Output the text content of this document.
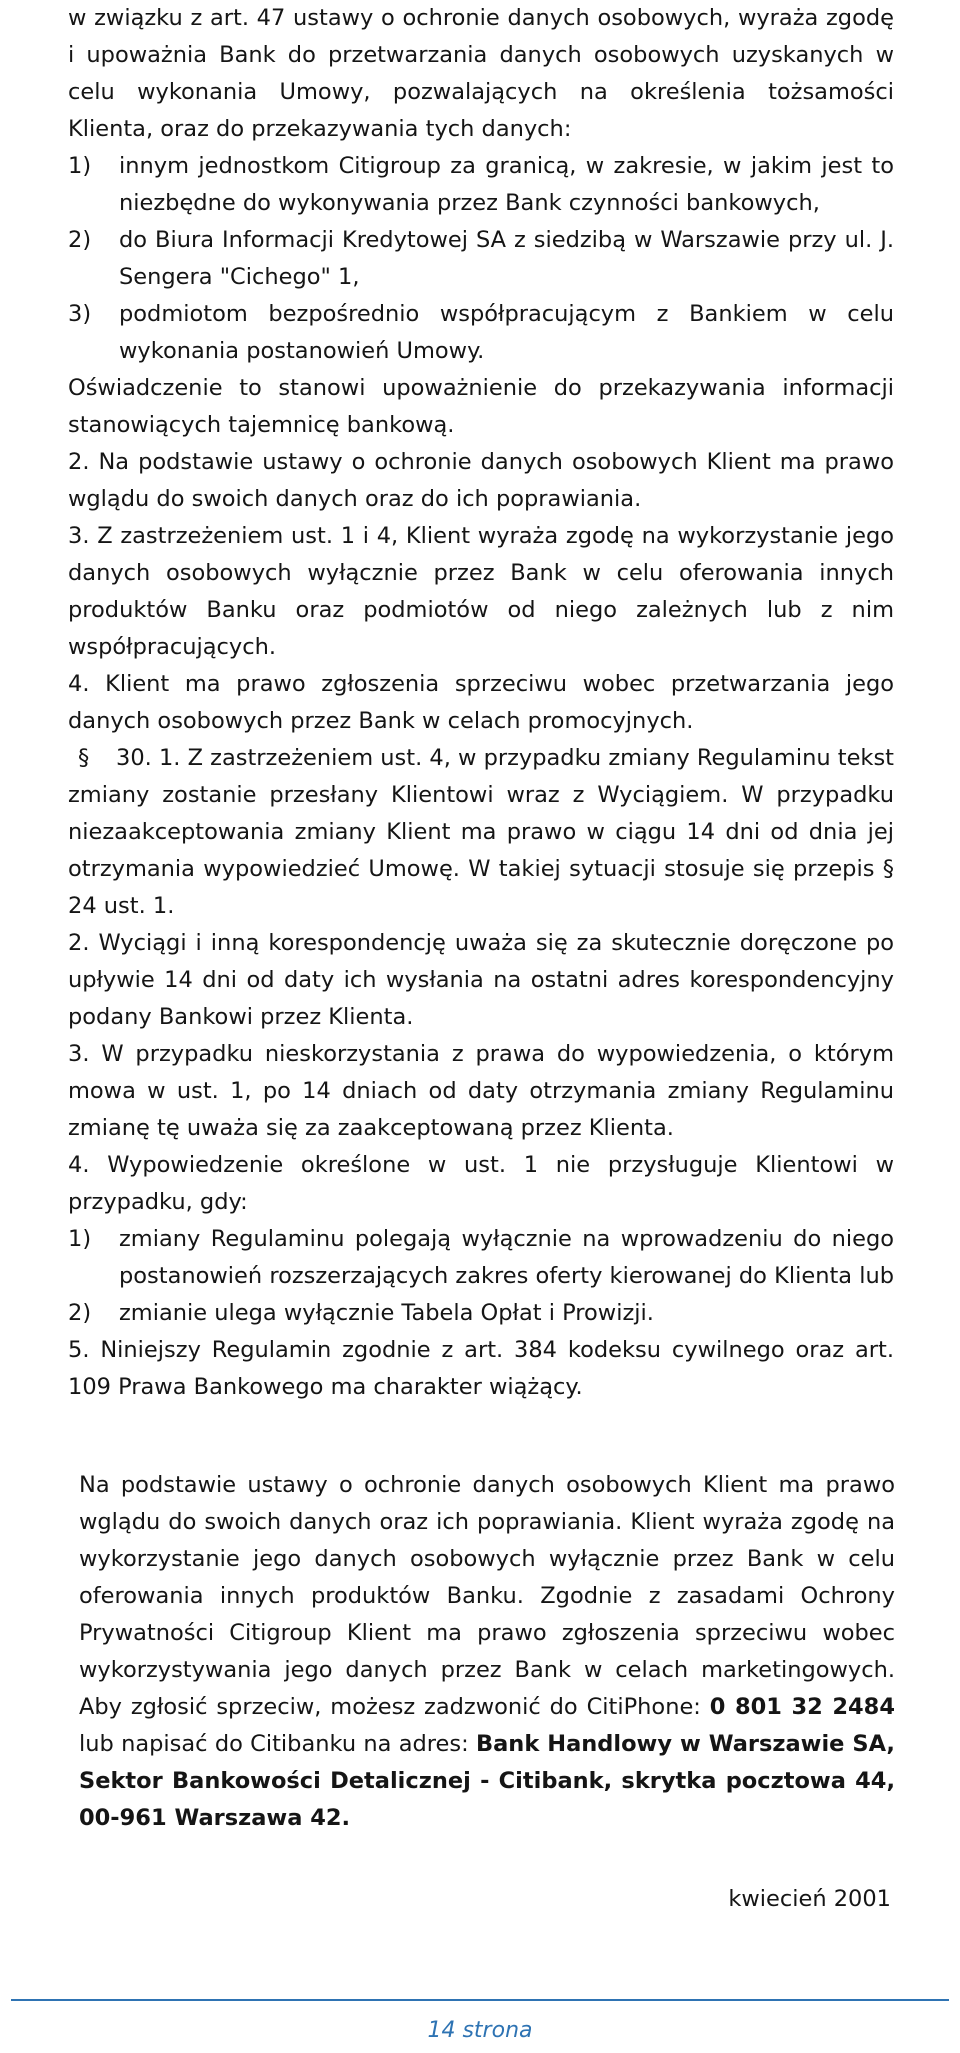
w związku z art. 47 ustawy o ochronie danych osobowych, wyraża zgodę i upoważnia Bank do przetwarzania danych osobowych uzyskanych w celu wykonania Umowy, pozwalających na określenia tożsamości Klienta, oraz do przekazywania tych danych:

1) innym jednostkom Citigroup za granicą, w zakresie, w jakim jest to niezbędne do wykonywania przez Bank czynności bankowych,

2) do Biura Informacji Kredytowej SA z siedzibą w Warszawie przy ul. J. Sengera "Cichego" 1,

3) podmiotom bezpośrednio współpracującym z Bankiem w celu wykonania postanowień Umowy.

Oświadczenie to stanowi upoważnienie do przekazywania informacji stanowiących tajemnicę bankową.

2. Na podstawie ustawy o ochronie danych osobowych Klient ma prawo wglądu do swoich danych oraz do ich poprawiania.

3. Z zastrzeżeniem ust. 1 i 4, Klient wyraża zgodę na wykorzystanie jego danych osobowych wyłącznie przez Bank w celu oferowania innych produktów Banku oraz podmiotów od niego zależnych lub z nim współpracujących.

4. Klient ma prawo zgłoszenia sprzeciwu wobec przetwarzania jego danych osobowych przez Bank w celach promocyjnych.

§ 30. 1. Z zastrzeżeniem ust. 4, w przypadku zmiany Regulaminu tekst zmiany zostanie przesłany Klientowi wraz z Wyciągiem. W przypadku niezaakceptowania zmiany Klient ma prawo w ciągu 14 dni od dnia jej otrzymania wypowiedzieć Umowę. W takiej sytuacji stosuje się przepis § 24 ust. 1.

2. Wyciągi i inną korespondencję uważa się za skutecznie doręczone po upływie 14 dni od daty ich wysłania na ostatni adres korespondencyjny podany Bankowi przez Klienta.

3. W przypadku nieskorzystania z prawa do wypowiedzenia, o którym mowa w ust. 1, po 14 dniach od daty otrzymania zmiany Regulaminu zmianę tę uważa się za zaakceptowaną przez Klienta.

4. Wypowiedzenie określone w ust. 1 nie przysługuje Klientowi w przypadku, gdy:

1) zmiany Regulaminu polegają wyłącznie na wprowadzeniu do niego postanowień rozszerzających zakres oferty kierowanej do Klienta lub

2) zmianie ulega wyłącznie Tabela Opłat i Prowizji.

5. Niniejszy Regulamin zgodnie z art. 384 kodeksu cywilnego oraz art. 109 Prawa Bankowego ma charakter wiążący.

Na podstawie ustawy o ochronie danych osobowych Klient ma prawo wglądu do swoich danych oraz ich poprawiania. Klient wyraża zgodę na wykorzystanie jego danych osobowych wyłącznie przez Bank w celu oferowania innych produktów Banku. Zgodnie z zasadami Ochrony Prywatności Citigroup Klient ma prawo zgłoszenia sprzeciwu wobec wykorzystywania jego danych przez Bank w celach marketingowych. Aby zgłosić sprzeciw, możesz zadzwonić do CitiPhone: 0 801 32 2484 lub napisać do Citibanku na adres: Bank Handlowy w Warszawie SA, Sektor Bankowości Detalicznej - Citibank, skrytka pocztowa 44, 00-961 Warszawa 42.
kwiecień 2001
14 strona
